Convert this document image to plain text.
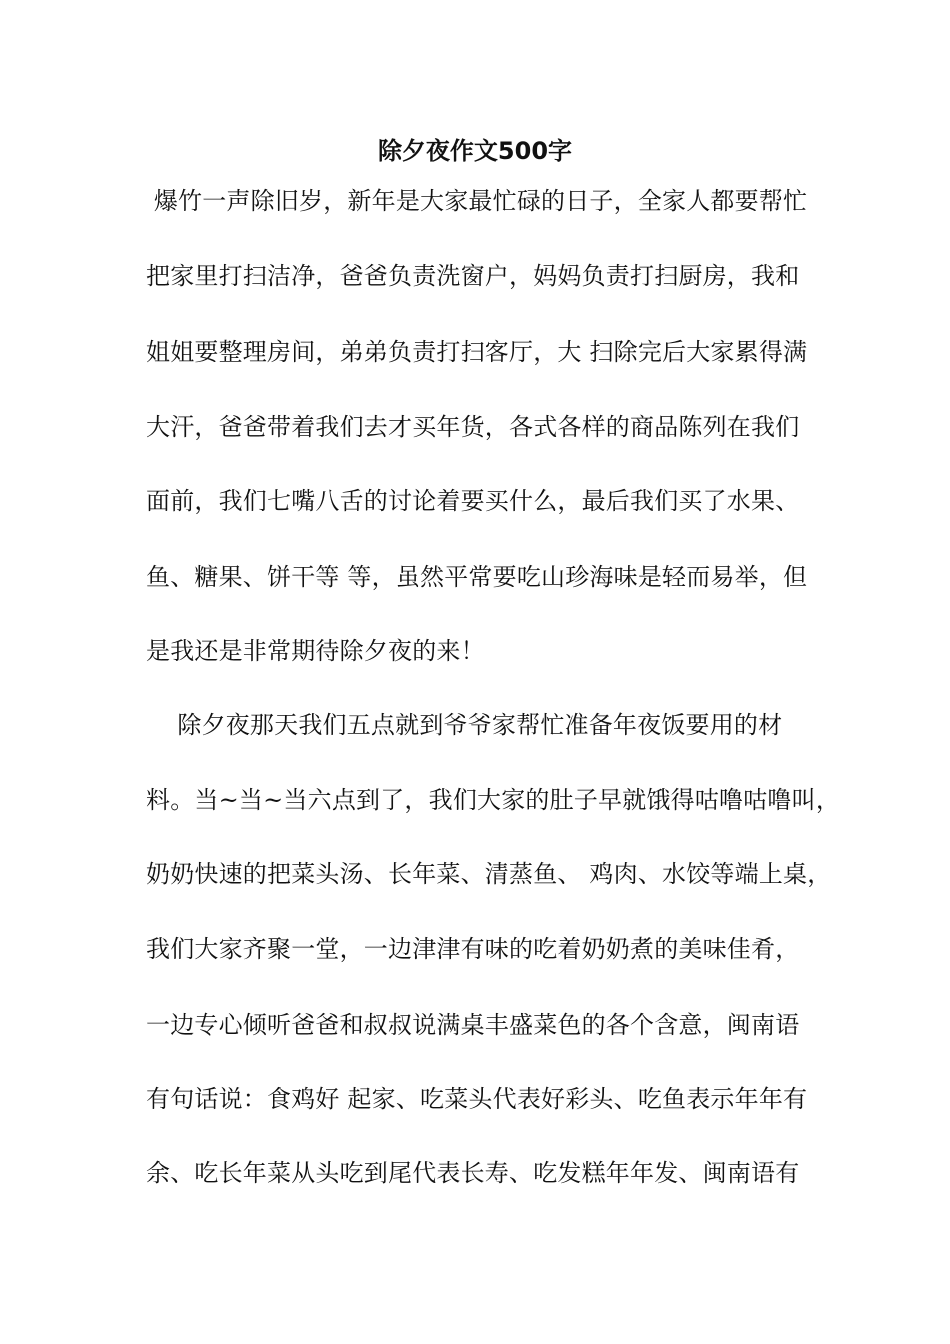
除夕夜作文500字

爆竹一声除旧岁，新年是大家最忙碌的日子，全家人都要帮忙

把家里打扫洁净，爸爸负责洗窗户，妈妈负责打扫厨房，我和

姐姐要整理房间，弟弟负责打扫客厅，大 扫除完后大家累得满

大汗，爸爸带着我们去才买年货，各式各样的商品陈列在我们

面前，我们七嘴八舌的讨论着要买什么，最后我们买了水果、

鱼、糖果、饼干等 等，虽然平常要吃山珍海味是轻而易举，但

是我还是非常期待除夕夜的来！

除夕夜那天我们五点就到爷爷家帮忙准备年夜饭要用的材

料。当~当~当六点到了，我们大家的肚子早就饿得咕噜咕噜叫，

奶奶快速的把菜头汤、长年菜、清蒸鱼、 鸡肉、水饺等端上桌，

我们大家齐聚一堂，一边津津有味的吃着奶奶煮的美味佳肴，

一边专心倾听爸爸和叔叔说满桌丰盛菜色的各个含意，闽南语

有句话说：食鸡好 起家、吃菜头代表好彩头、吃鱼表示年年有

余、吃长年菜从头吃到尾代表长寿、吃发糕年年发、闽南语有
